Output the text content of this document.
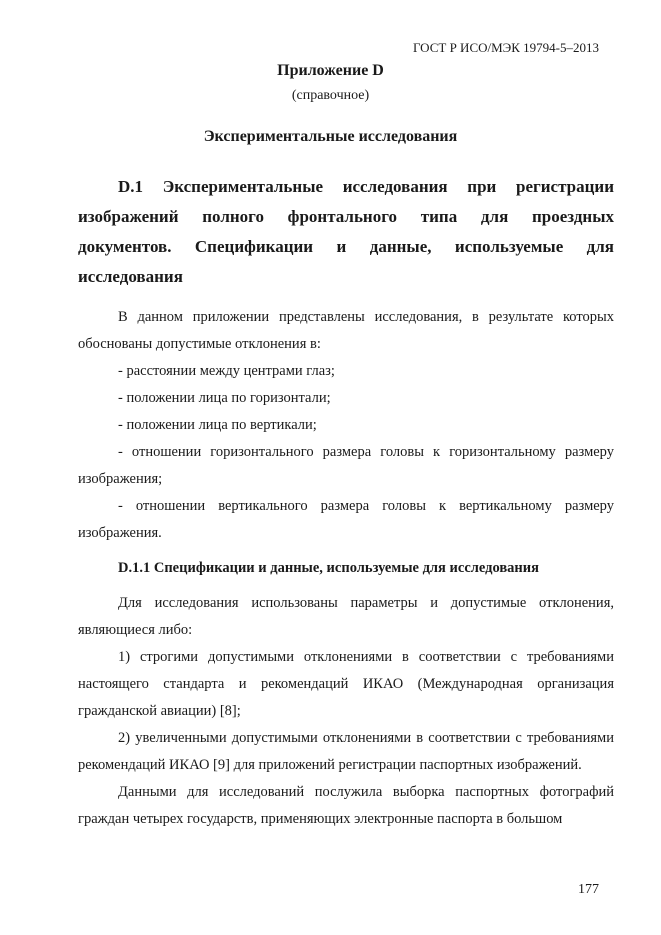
ГОСТ Р ИСО/МЭК 19794-5–2013
Приложение D
(справочное)
Экспериментальные исследования
D.1 Экспериментальные исследования при регистрации изображений полного фронтального типа для проездных документов. Спецификации и данные, используемые для исследования

В данном приложении представлены исследования, в результате которых обоснованы допустимые отклонения в:

- расстоянии между центрами глаз;

- положении лица по горизонтали;

- положении лица по вертикали;

- отношении горизонтального размера головы к горизонтальному размеру изображения;

- отношении вертикального размера головы к вертикальному размеру изображения.

D.1.1 Спецификации и данные, используемые для исследования

Для исследования использованы параметры и допустимые отклонения, являющиеся либо:

1) строгими допустимыми отклонениями в соответствии с требованиями настоящего стандарта и рекомендаций ИКАО (Международная организация гражданской авиации) [8];

2) увеличенными допустимыми отклонениями в соответствии с требованиями рекомендаций ИКАО [9] для приложений регистрации паспортных изображений.

Данными для исследований послужила выборка паспортных фотографий граждан четырех государств, применяющих электронные паспорта в большом

177
